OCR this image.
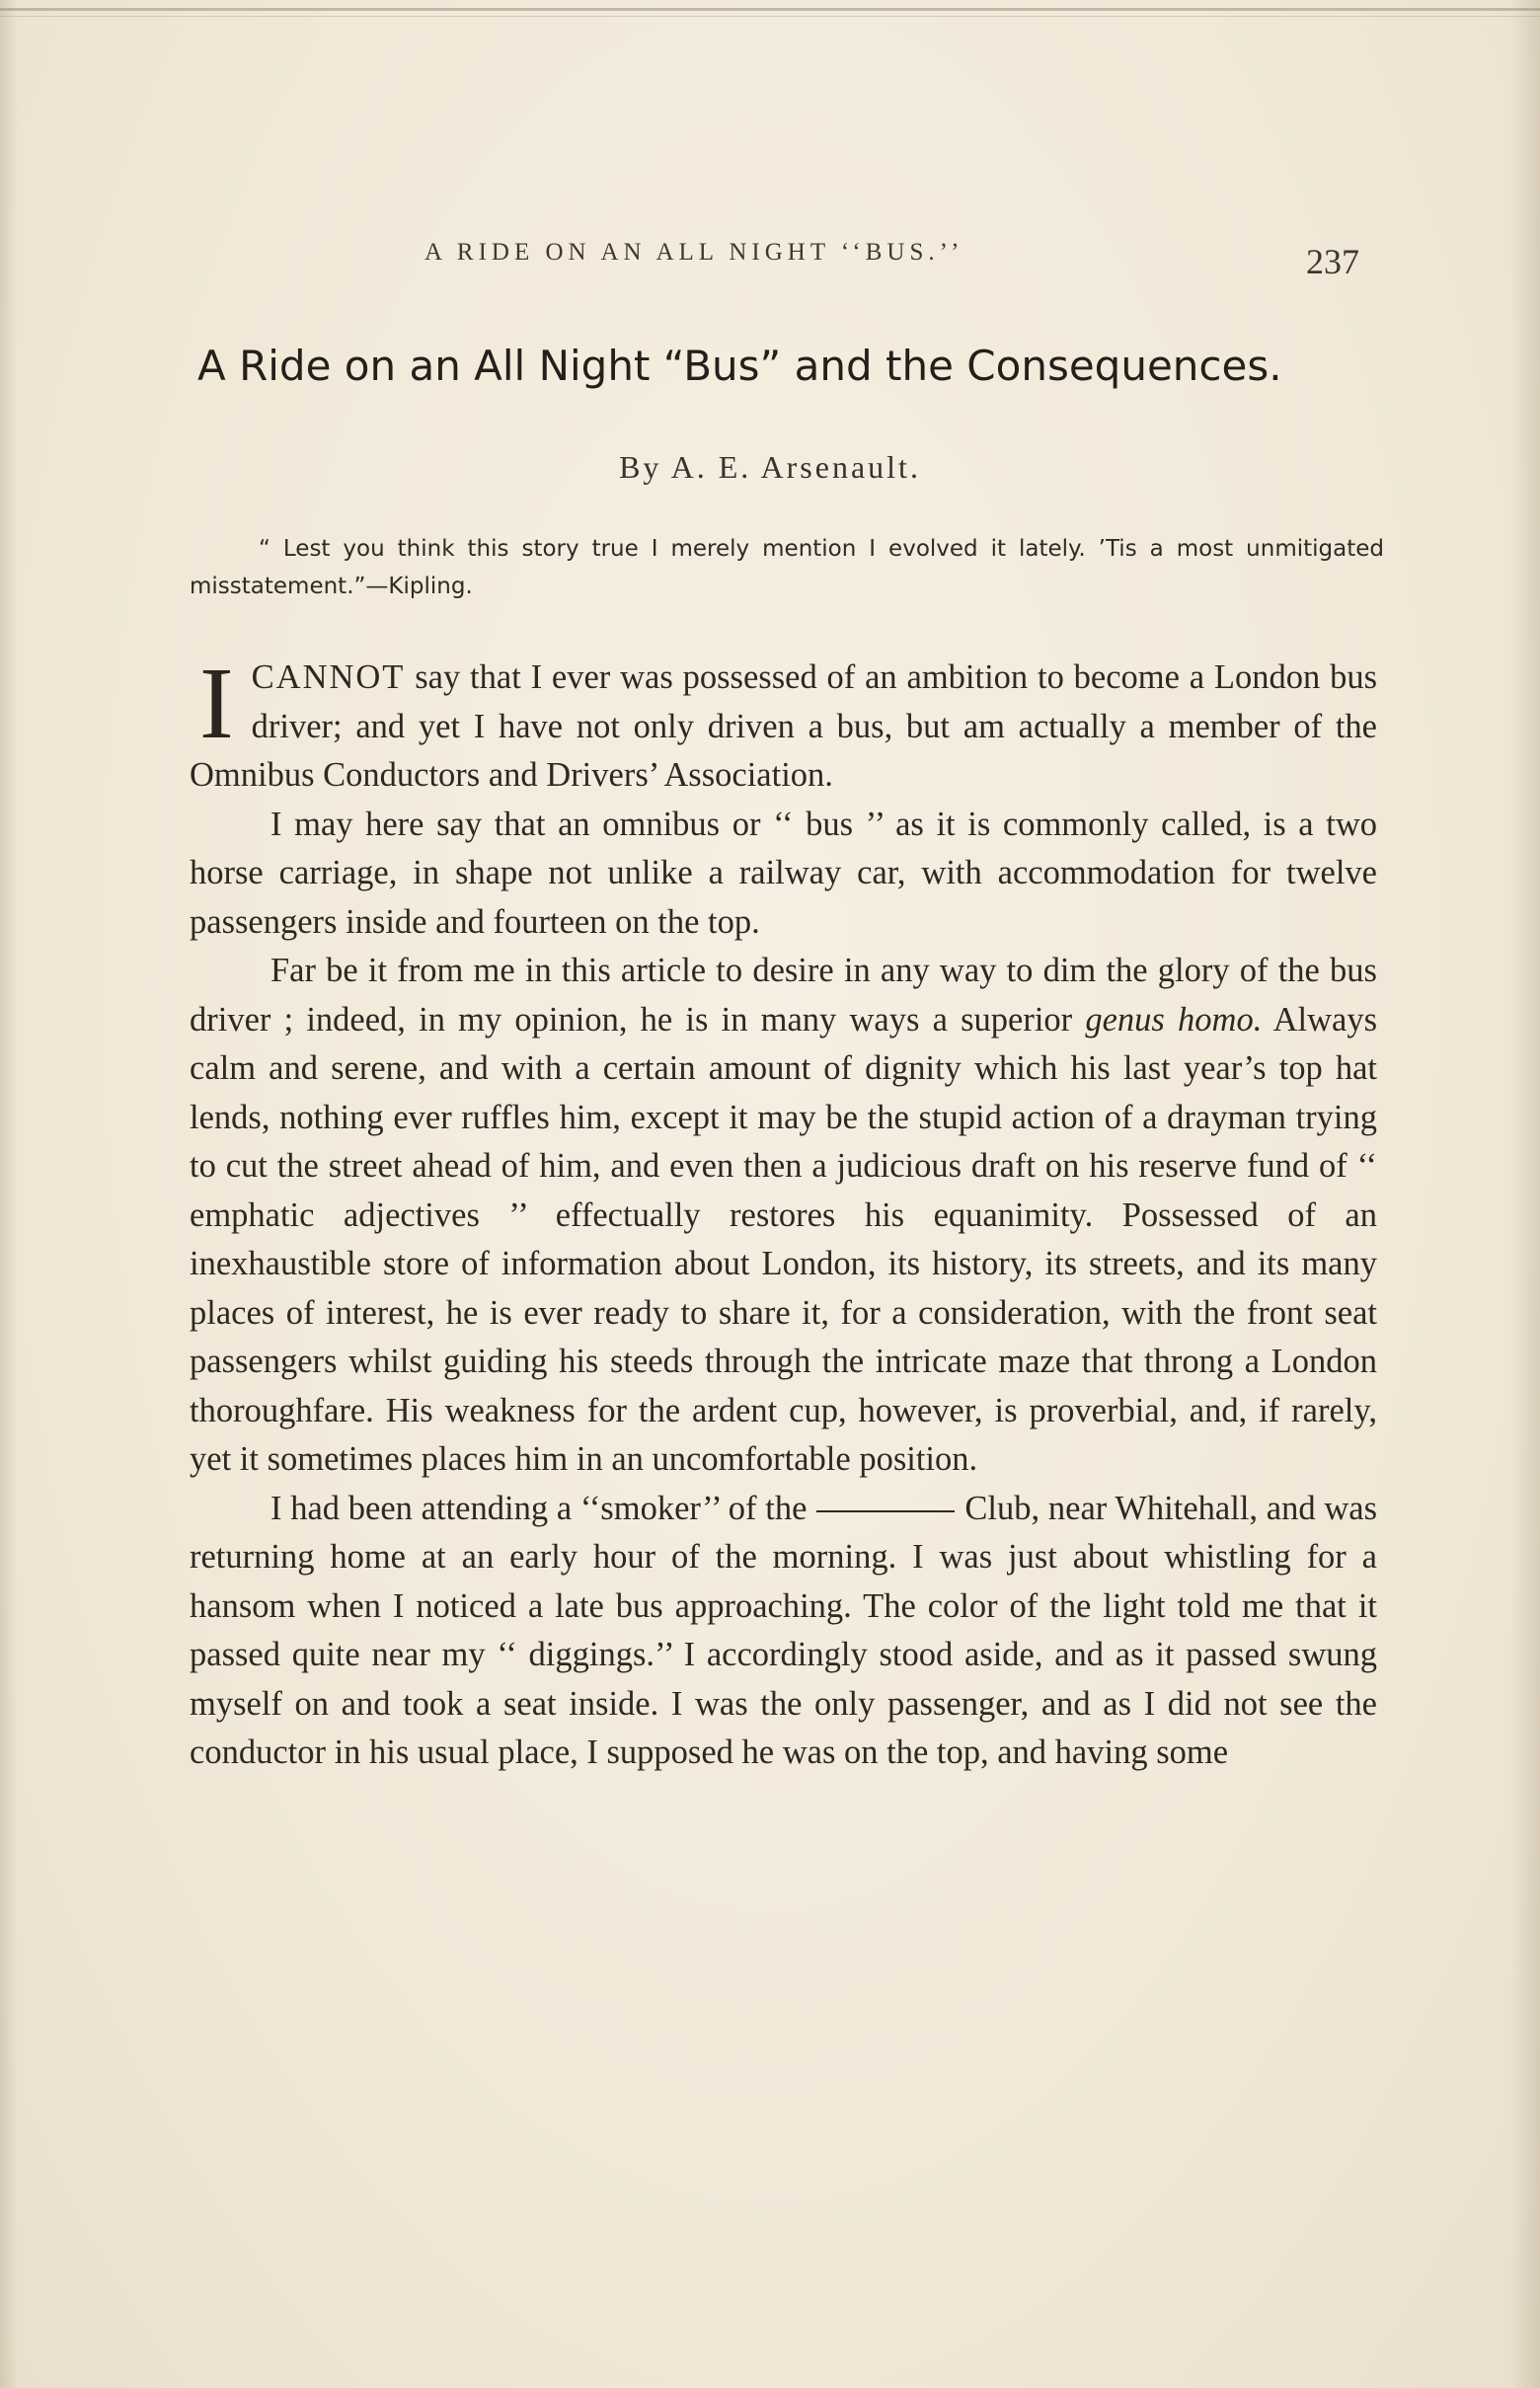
A RIDE ON AN ALL NIGHT ‘‘BUS.’’	237
A Ride on an All Night “Bus” and the Consequences.
By A. E. Arsenault.
“ Lest you think this story true I merely mention I evolved it lately. ’Tis a most unmitigated misstatement.”—Kipling.

ICANNOT say that I ever was possessed of an ambition to become a London bus driver; and yet I have not only driven a bus, but am actually a member of the Omnibus Conductors and Drivers’ Association.

I may here say that an omnibus or ‘‘ bus ’’ as it is commonly called, is a two horse carriage, in shape not unlike a railway car, with accommodation for twelve passengers inside and fourteen on the top.

Far be it from me in this article to desire in any way to dim the glory of the bus driver ; indeed, in my opinion, he is in many ways a superior genus homo. Always calm and serene, and with a certain amount of dignity which his last year’s top hat lends, nothing ever ruffles him, except it may be the stupid action of a drayman trying to cut the street ahead of him, and even then a judicious draft on his reserve fund of ‘‘ emphatic adjectives ’’ effectually restores his equanimity. Possessed of an inexhaustible store of information about London, its history, its streets, and its many places of interest, he is ever ready to share it, for a consideration, with the front seat passengers whilst guiding his steeds through the intricate maze that throng a London thoroughfare. His weakness for the ardent cup, however, is proverbial, and, if rarely, yet it sometimes places him in an uncomfortable position.

I had been attending a ‘‘smoker’’ of the	Club, near Whitehall, and was returning home at an early hour of the morning. I was just about whistling for a hansom when I noticed a late bus approaching. The color of the light told me that it passed quite near my ‘‘ diggings.’’ I accordingly stood aside, and as it passed swung myself on and took a seat inside. I was the only passenger, and as I did not see the conductor in his usual place, I supposed he was on the top, and having some
